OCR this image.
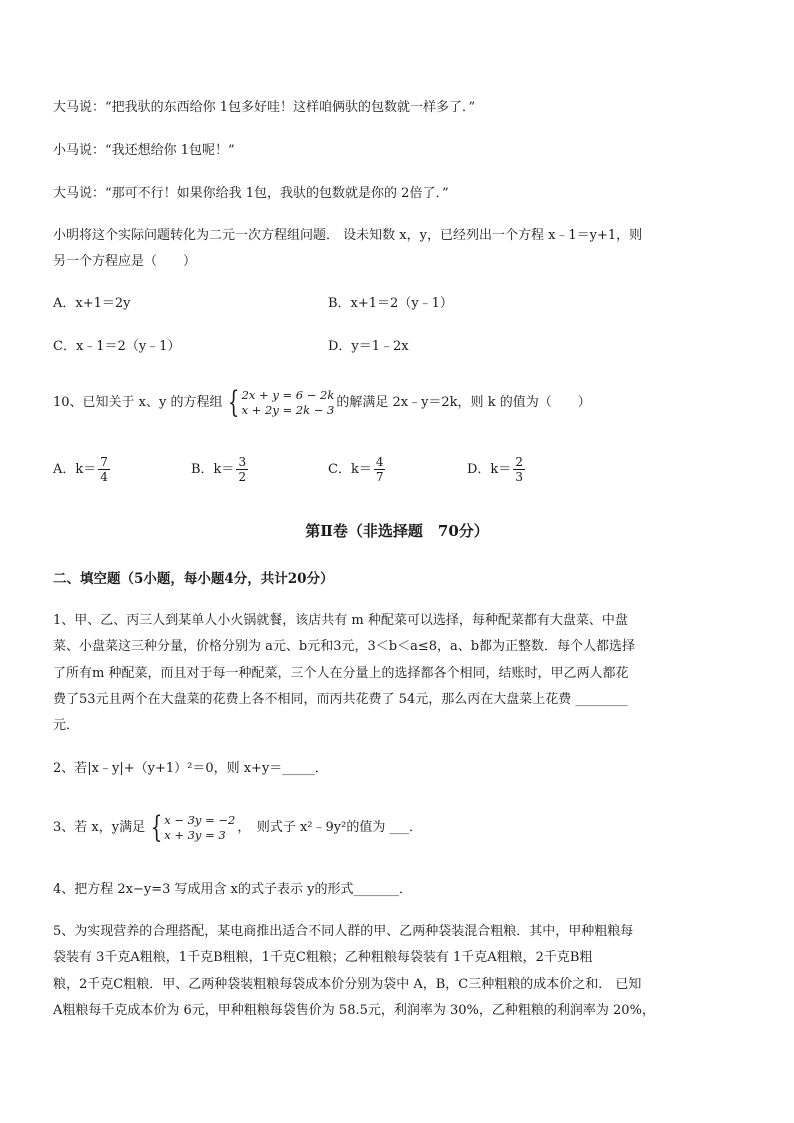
大马说：“把我驮的东西给你 1包多好哇！这样咱俩驮的包数就一样多了．”
小马说：“我还想给你 1包呢！”
大马说：“那可不行！如果你给我 1包，我驮的包数就是你的 2倍了．”
小明将这个实际问题转化为二元一次方程组问题． 设未知数 x，y，已经列出一个方程 x﹣1＝y+1，则
另一个方程应是（　　）
A．x+1＝2y	B．x+1＝2（y﹣1）
C．x﹣1＝2（y﹣1）	D．y＝1﹣2x
10、已知关于 x、y 的方程组 { 2x + y = 6 − 2k
x + 2y = 2k − 3 的解满足 2x﹣y＝2k，则 k 的值为（　　）
A．$k= \frac{7}{4}$	B．$k= \frac{3}{2}$	C．$k= \frac{4}{7}$	D．$k= \frac{2}{3}$
第Ⅱ卷（非选择题　70分）
二、填空题（5小题，每小题4分，共计20分）
1、甲、乙、丙三人到某单人小火锅就餐，该店共有 m 种配菜可以选择，每种配菜都有大盘菜、中盘
菜、小盘菜这三种分量，价格分别为 a元、b元和3元，3＜b＜a≤8，a、b都为正整数．每个人都选择
了所有m 种配菜，而且对于每一种配菜，三个人在分量上的选择都各个相同，结账时，甲乙两人都花
费了53元且两个在大盘菜的花费上各不相同，而丙共花费了 54元，那么丙在大盘菜上花费 ________
元．
2、若|x﹣y|+（y+1）²＝0，则 x+y＝_____．
3、若 x，y满足 { x − 3y = −2
x + 3y = 3 ，　则式子 x²﹣9y²的值为 ___．
4、把方程 2x−y=3 写成用含 x的式子表示 y的形式_______．
5、为实现营养的合理搭配，某电商推出适合不同人群的甲、乙两种袋装混合粗粮．其中，甲种粗粮每
袋装有 3千克A粗粮，1千克B粗粮，1千克C粗粮；乙种粗粮每袋装有 1千克A粗粮，2千克B粗
粮，2千克C粗粮．甲、乙两种袋装粗粮每袋成本价分别为袋中 A，B，C三种粗粮的成本价之和． 已知
A粗粮每千克成本价为 6元，甲种粗粮每袋售价为 58.5元，利润率为 30%，乙种粗粮的利润率为 20%，
